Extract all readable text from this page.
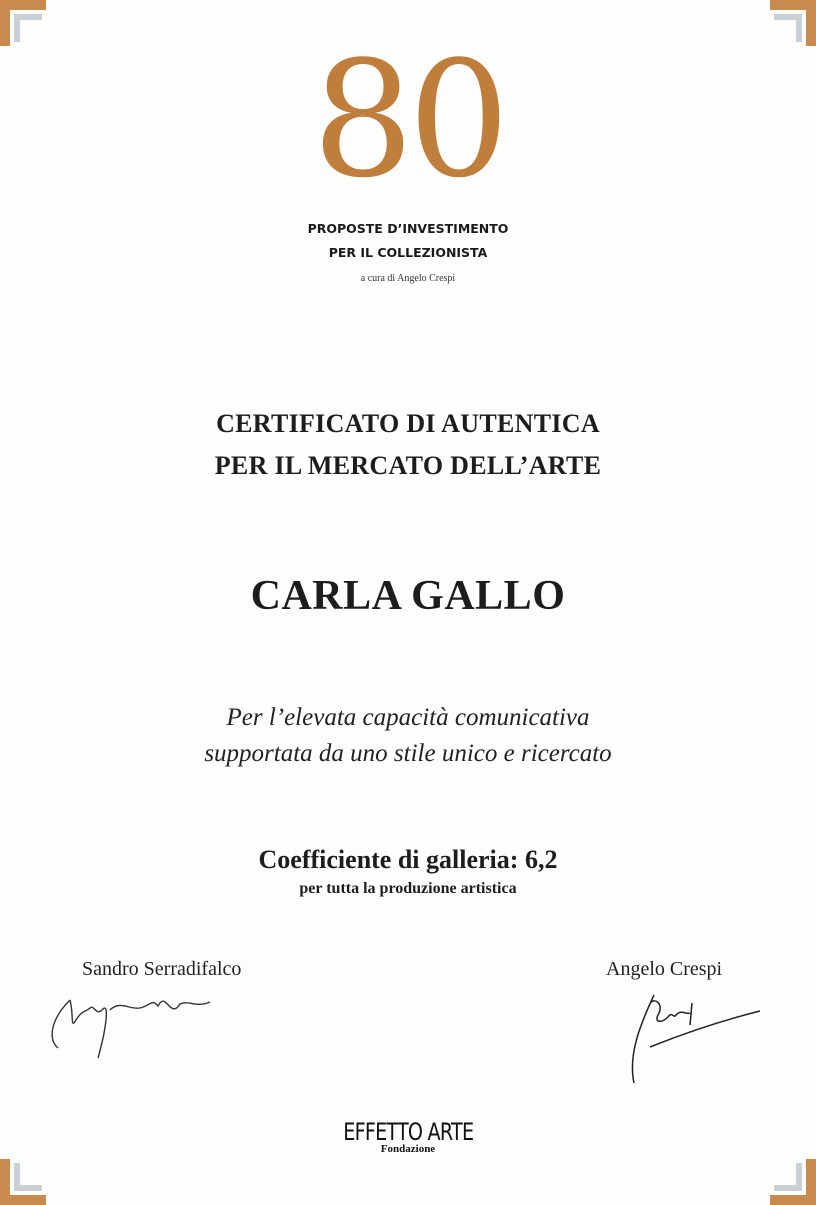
80
PROPOSTE D’INVESTIMENTO
PER IL COLLEZIONISTA
a cura di Angelo Crespi
CERTIFICATO DI AUTENTICA
PER IL MERCATO DELL’ARTE
CARLA GALLO
Per l’elevata capacità comunicativa
supportata da uno stile unico e ricercato
Coefficiente di galleria: 6,2
per tutta la produzione artistica
Sandro Serradifalco	Angelo Crespi
EFFETTO ARTE
Fondazione
